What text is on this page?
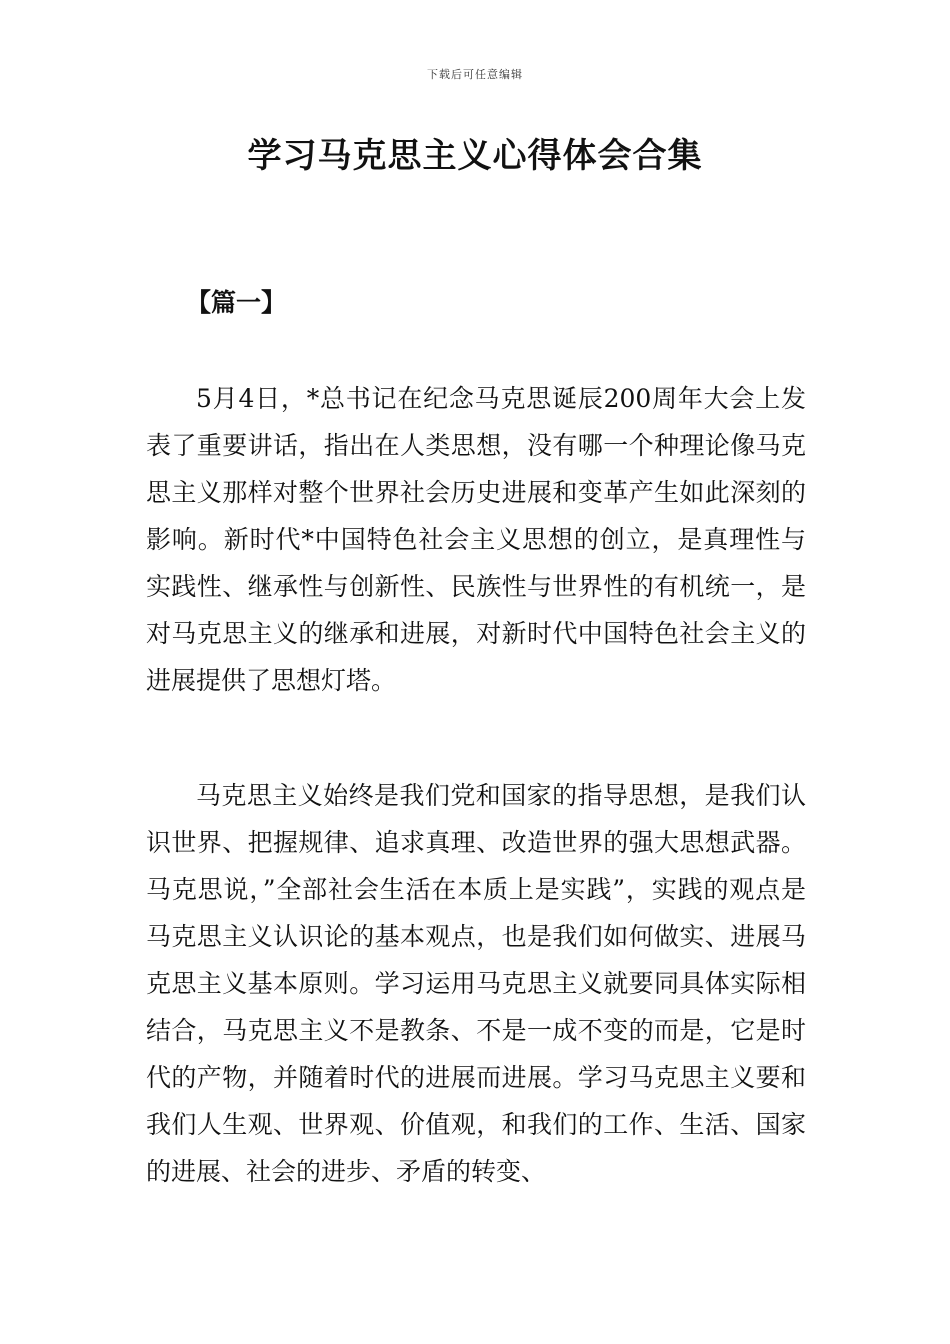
下载后可任意编辑
学习马克思主义心得体会合集
【篇一】

5月4日，*总书记在纪念马克思诞辰200周年大会上发表了重要讲话，指出在人类思想，没有哪一个种理论像马克思主义那样对整个世界社会历史进展和变革产生如此深刻的影响。新时代*中国特色社会主义思想的创立，是真理性与实践性、继承性与创新性、民族性与世界性的有机统一，是对马克思主义的继承和进展，对新时代中国特色社会主义的进展提供了思想灯塔。

马克思主义始终是我们党和国家的指导思想，是我们认识世界、把握规律、追求真理、改造世界的强大思想武器。马克思说，”全部社会生活在本质上是实践”，实践的观点是马克思主义认识论的基本观点，也是我们如何做实、进展马克思主义基本原则。学习运用马克思主义就要同具体实际相结合，马克思主义不是教条、不是一成不变的而是，它是时代的产物，并随着时代的进展而进展。学习马克思主义要和我们人生观、世界观、价值观，和我们的工作、生活、国家的进展、社会的进步、矛盾的转变、
